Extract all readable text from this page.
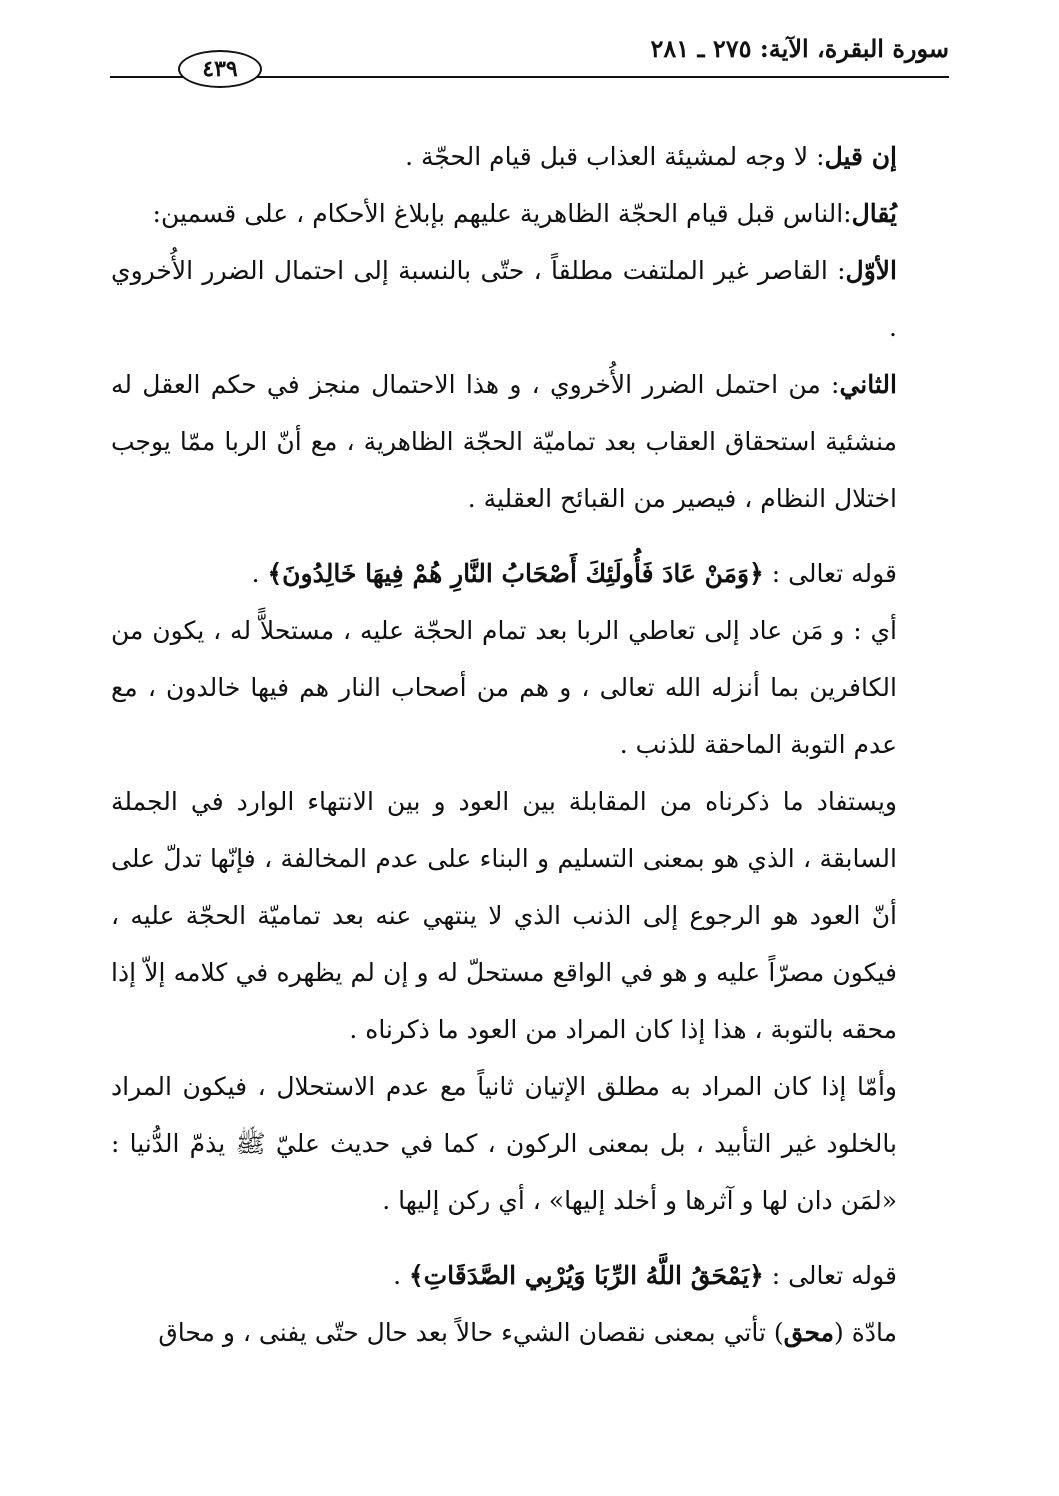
سورة البقرة، الآية: ٢٧٥ ـ ٢٨١
٤٣٩

إن قيل: لا وجه لمشيئة العذاب قبل قيام الحجّة .

يُقال:الناس قبل قيام الحجّة الظاهرية عليهم بإبلاغ الأحكام ، على قسمين:

الأوّل: القاصر غير الملتفت مطلقاً ، حتّى بالنسبة إلى احتمال الضرر الأُخروي .

الثاني: من احتمل الضرر الأُخروي ، و هذا الاحتمال منجز في حكم العقل له منشئية استحقاق العقاب بعد تماميّة الحجّة الظاهرية ، مع أنّ الربا ممّا يوجب اختلال النظام ، فيصير من القبائح العقلية .

قوله تعالى : ﴿وَمَنْ عَادَ فَأُولَئِكَ أَصْحَابُ النَّارِ هُمْ فِيهَا خَالِدُونَ﴾ .

أي : و مَن عاد إلى تعاطي الربا بعد تمام الحجّة عليه ، مستحلاًّ له ، يكون من الكافرين بما أنزله الله تعالى ، و هم من أصحاب النار هم فيها خالدون ، مع عدم التوبة الماحقة للذنب .

ويستفاد ما ذكرناه من المقابلة بين العود و بين الانتهاء الوارد في الجملة السابقة ، الذي هو بمعنى التسليم و البناء على عدم المخالفة ، فإنّها تدلّ على أنّ العود هو الرجوع إلى الذنب الذي لا ينتهي عنه بعد تماميّة الحجّة عليه ، فيكون مصرّاً عليه و هو في الواقع مستحلّ له و إن لم يظهره في كلامه إلاّ إذا محقه بالتوبة ، هذا إذا كان المراد من العود ما ذكرناه .

وأمّا إذا كان المراد به مطلق الإتيان ثانياً مع عدم الاستحلال ، فيكون المراد بالخلود غير التأبيد ، بل بمعنى الركون ، كما في حديث عليّ ﷺ يذمّ الدُّنيا : «لمَن دان لها و آثرها و أخلد إليها» ، أي ركن إليها .

قوله تعالى : ﴿يَمْحَقُ اللَّهُ الرِّبَا وَيُرْبِي الصَّدَقَاتِ﴾ .

مادّة (محق) تأتي بمعنى نقصان الشيء حالاً بعد حال حتّى يفنى ، و محاق
